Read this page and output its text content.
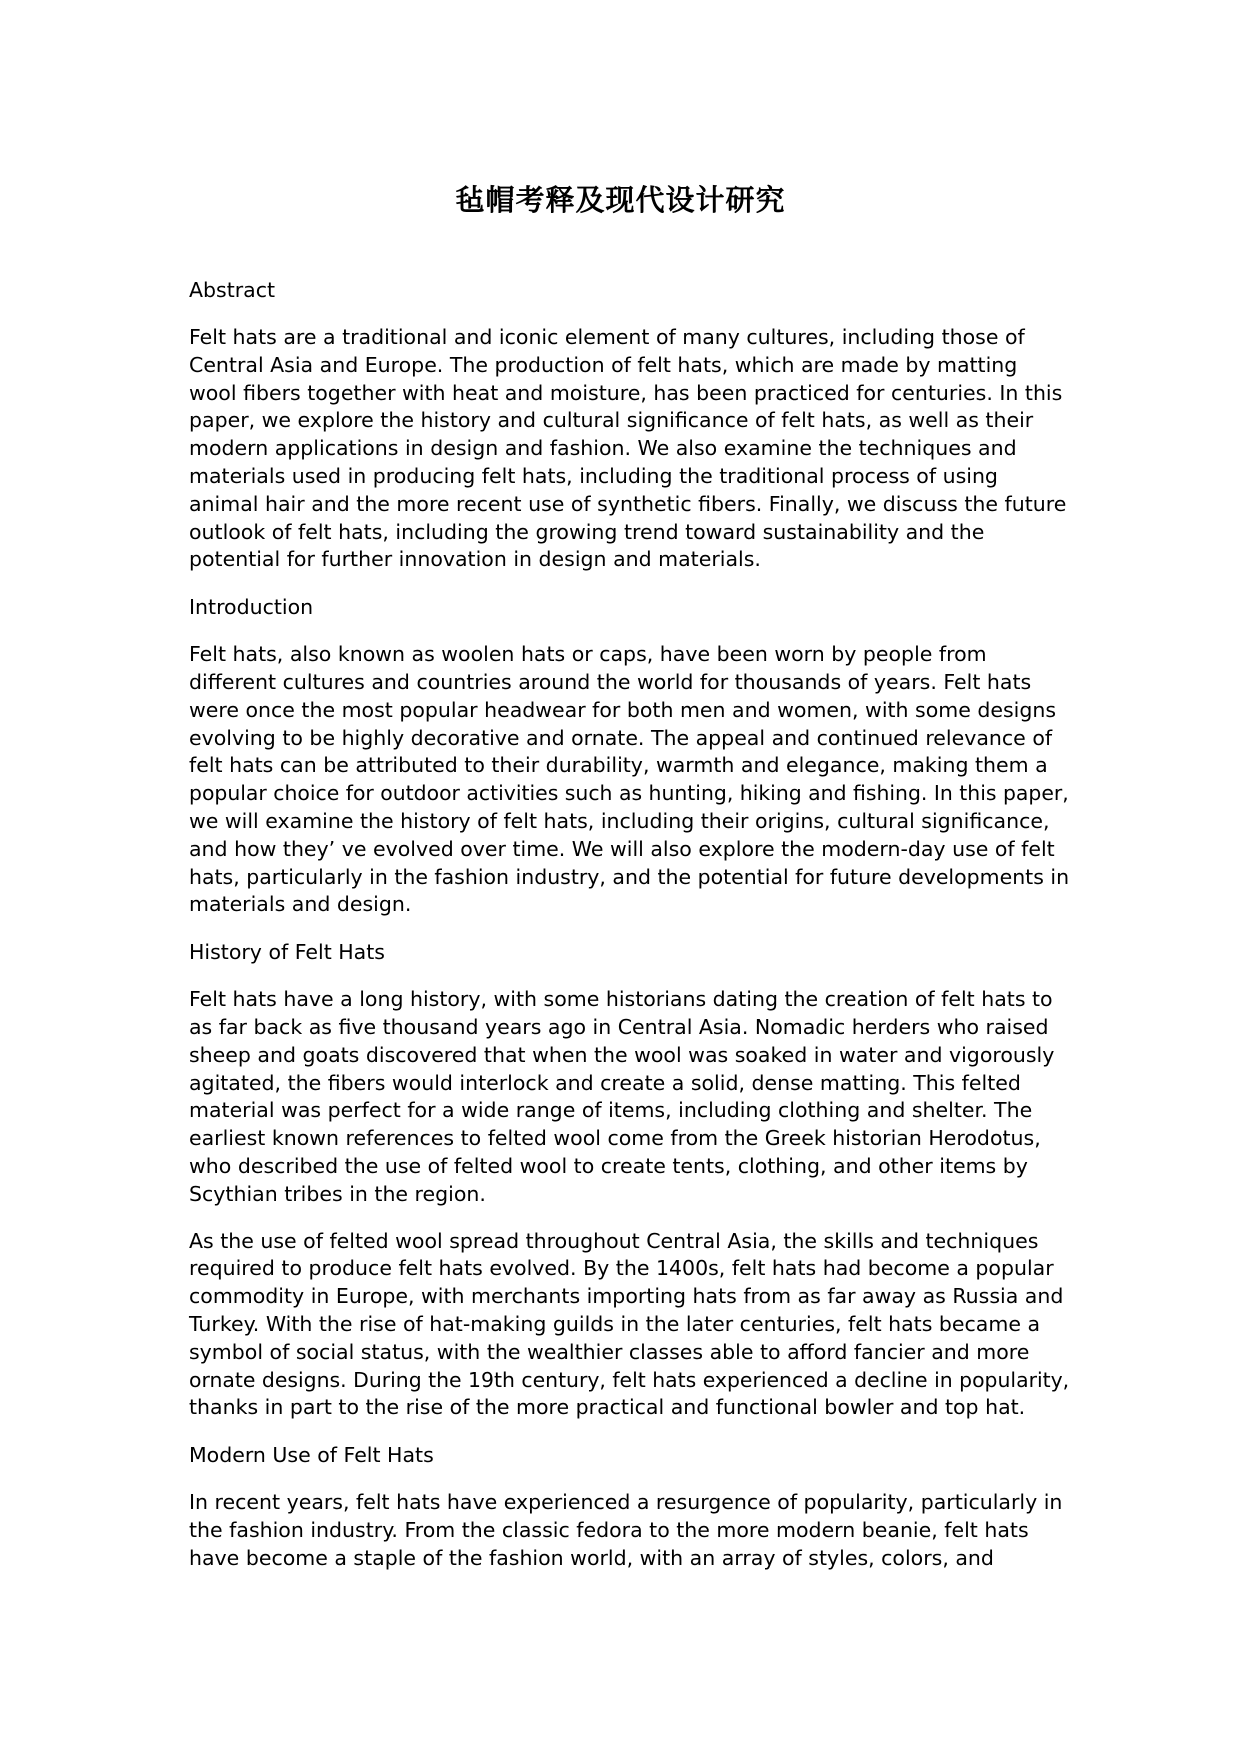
毡帽考释及现代设计研究
Abstract
Felt hats are a traditional and iconic element of many cultures, including those of
Central Asia and Europe. The production of felt hats, which are made by matting
wool fibers together with heat and moisture, has been practiced for centuries. In this
paper, we explore the history and cultural significance of felt hats, as well as their
modern applications in design and fashion. We also examine the techniques and
materials used in producing felt hats, including the traditional process of using
animal hair and the more recent use of synthetic fibers. Finally, we discuss the future
outlook of felt hats, including the growing trend toward sustainability and the
potential for further innovation in design and materials.
Introduction
Felt hats, also known as woolen hats or caps, have been worn by people from
different cultures and countries around the world for thousands of years. Felt hats
were once the most popular headwear for both men and women, with some designs
evolving to be highly decorative and ornate. The appeal and continued relevance of
felt hats can be attributed to their durability, warmth and elegance, making them a
popular choice for outdoor activities such as hunting, hiking and fishing. In this paper,
we will examine the history of felt hats, including their origins, cultural significance,
and how they’ ve evolved over time. We will also explore the modern-day use of felt
hats, particularly in the fashion industry, and the potential for future developments in
materials and design.
History of Felt Hats
Felt hats have a long history, with some historians dating the creation of felt hats to
as far back as five thousand years ago in Central Asia. Nomadic herders who raised
sheep and goats discovered that when the wool was soaked in water and vigorously
agitated, the fibers would interlock and create a solid, dense matting. This felted
material was perfect for a wide range of items, including clothing and shelter. The
earliest known references to felted wool come from the Greek historian Herodotus,
who described the use of felted wool to create tents, clothing, and other items by
Scythian tribes in the region.
As the use of felted wool spread throughout Central Asia, the skills and techniques
required to produce felt hats evolved. By the 1400s, felt hats had become a popular
commodity in Europe, with merchants importing hats from as far away as Russia and
Turkey. With the rise of hat-making guilds in the later centuries, felt hats became a
symbol of social status, with the wealthier classes able to afford fancier and more
ornate designs. During the 19th century, felt hats experienced a decline in popularity,
thanks in part to the rise of the more practical and functional bowler and top hat.
Modern Use of Felt Hats
In recent years, felt hats have experienced a resurgence of popularity, particularly in
the fashion industry. From the classic fedora to the more modern beanie, felt hats
have become a staple of the fashion world, with an array of styles, colors, and
